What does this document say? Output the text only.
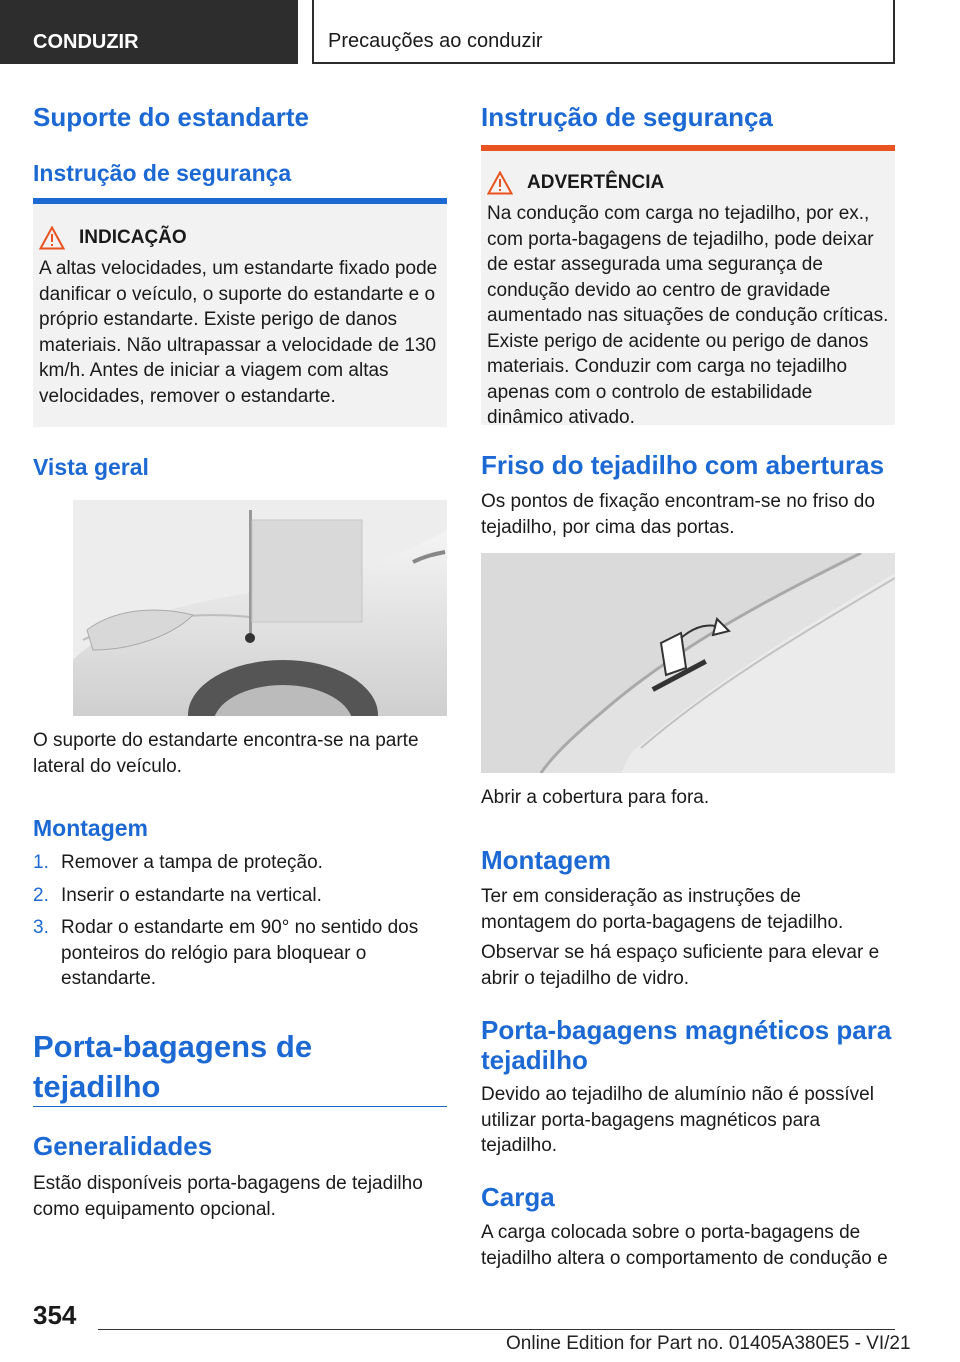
CONDUZIR	Precauções ao conduzir
Suporte do estandarte
Instrução de segurança
INDICAÇÃO

A altas velocidades, um estandarte fixado pode danificar o veículo, o suporte do estandarte e o próprio estandarte. Existe perigo de danos materiais. Não ultrapassar a velocidade de 130 km/h. Antes de iniciar a viagem com altas velocidades, remover o estandarte.

Vista geral

O suporte do estandarte encontra-se na parte lateral do veículo.

Montagem
1. Remover a tampa de proteção.
2. Inserir o estandarte na vertical.
3. Rodar o estandarte em 90° no sentido dos ponteiros do relógio para bloquear o estandarte.
Porta-bagagens de tejadilho
Generalidades

Estão disponíveis porta-bagagens de tejadilho como equipamento opcional.

Instrução de segurança
ADVERTÊNCIA

Na condução com carga no tejadilho, por ex., com porta-bagagens de tejadilho, pode deixar de estar assegurada uma segurança de condução devido ao centro de gravidade aumentado nas situações de condução críticas. Existe perigo de acidente ou perigo de danos materiais. Conduzir com carga no tejadilho apenas com o controlo de estabilidade dinâmico ativado.

Friso do tejadilho com aberturas

Os pontos de fixação encontram-se no friso do tejadilho, por cima das portas.

Abrir a cobertura para fora.

Montagem

Ter em consideração as instruções de montagem do porta-bagagens de tejadilho.

Observar se há espaço suficiente para elevar e abrir o tejadilho de vidro.

Porta-bagagens magnéticos para tejadilho

Devido ao tejadilho de alumínio não é possível utilizar porta-bagagens magnéticos para tejadilho.

Carga

A carga colocada sobre o porta-bagagens de tejadilho altera o comportamento de condução e

354
Online Edition for Part no. 01405A380E5 - VI/21
